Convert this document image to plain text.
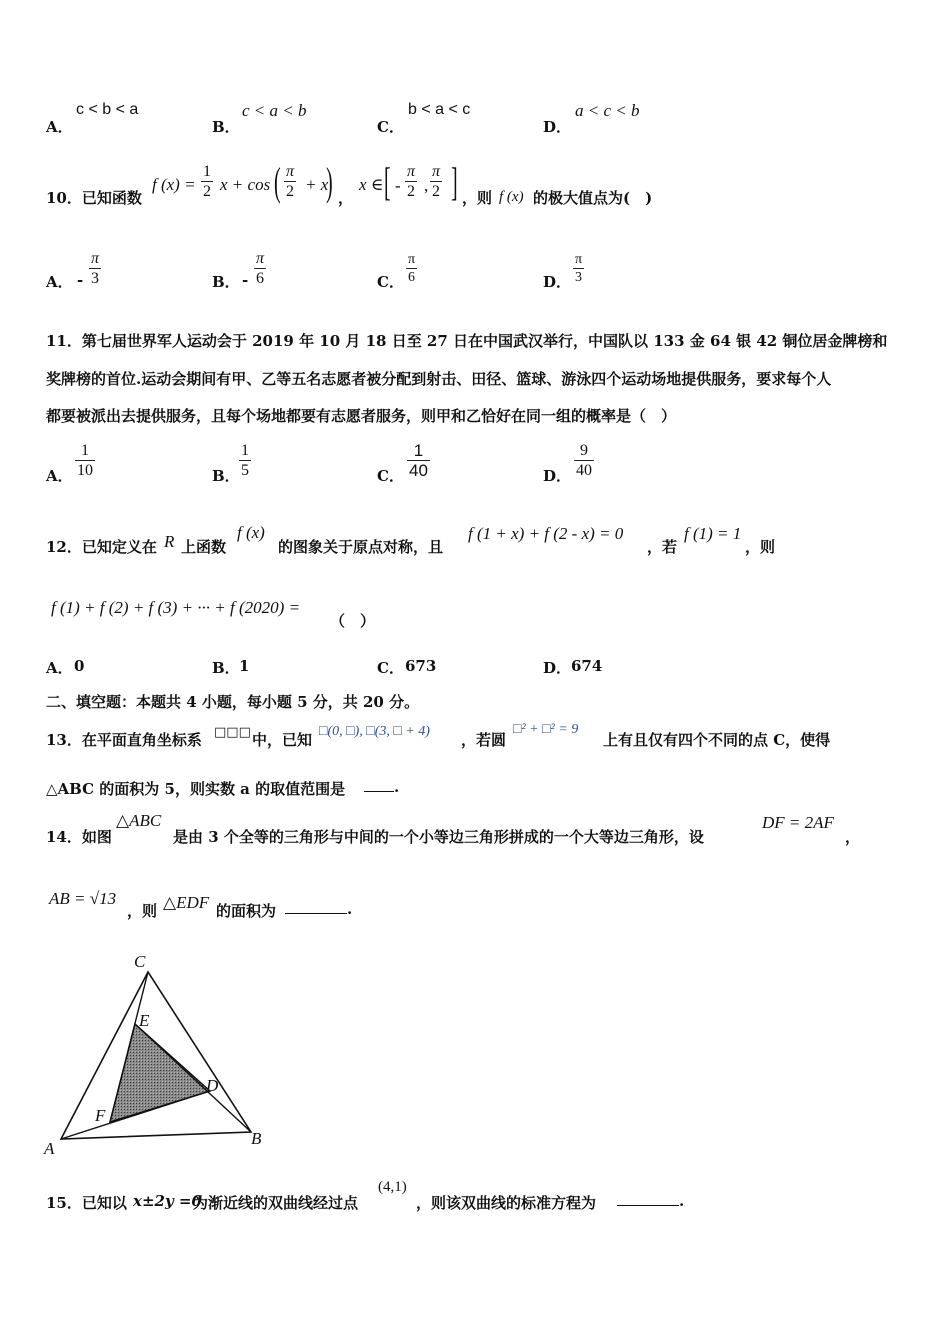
A．
c < b < a
B．
c < a < b
C．
b < a < c
D．
a < c < b
10．已知函数
f $(x) = \frac{1}{2}$ x + cos ( $\frac{\pi}{2} + x$
) ，
x ∈ [ - $\frac{\pi}{2}$ , $\frac{\pi}{2}$ ] ，则 f (x) 的极大值点为(　)
A． - $\frac{\pi}{3}$	B． - $\frac{\pi}{6}$	C． $\frac{\pi}{6}$	D． $\frac{\pi}{3}$
11．第七届世界军人运动会于 2019 年 10 月 18 日至 27 日在中国武汉举行，中国队以 133 金 64 银 42 铜位居金牌榜和
奖牌榜的首位.运动会期间有甲、乙等五名志愿者被分配到射击、田径、篮球、游泳四个运动场地提供服务，要求每个人
都要被派出去提供服务，且每个场地都要有志愿者服务，则甲和乙恰好在同一组的概率是（　）
A． $\frac{1}{10}$	B． $\frac{1}{5}$	C． $\frac{1}{40}$	D． $\frac{9}{40}$
12．已知定义在 R 上函数
f (x)
的图象关于原点对称，且
f (1 + x) + f (2 - x) = 0
，若
f (1) = 1
，则
f (1) + f (2) + f (3) + ··· + f (2020) =
（　）
A． 0	B． 1	C． 673	D． 674
二、填空题：本题共 4 小题，每小题 5 分，共 20 分。
13．在平面直角坐标系 □□□ 中，已知 □(0, □), □(3, □ + 4) ，若圆
□² + □² = 9
上有且仅有四个不同的点 C，使得
△ABC 的面积为 5，则实数 a 的取值范围是	.
14．如图
△ABC
是由 3 个全等的三角形与中间的一个小等边三角形拼成的一个大等边三角形，设
DF = 2AF
，
AB = √13
，则 △EDF 的面积为	.
C
E
D
F
A
B
15．已知以 x±2y =0
为渐近线的双曲线经过点
(4,1)
，则该双曲线的标准方程为	.
